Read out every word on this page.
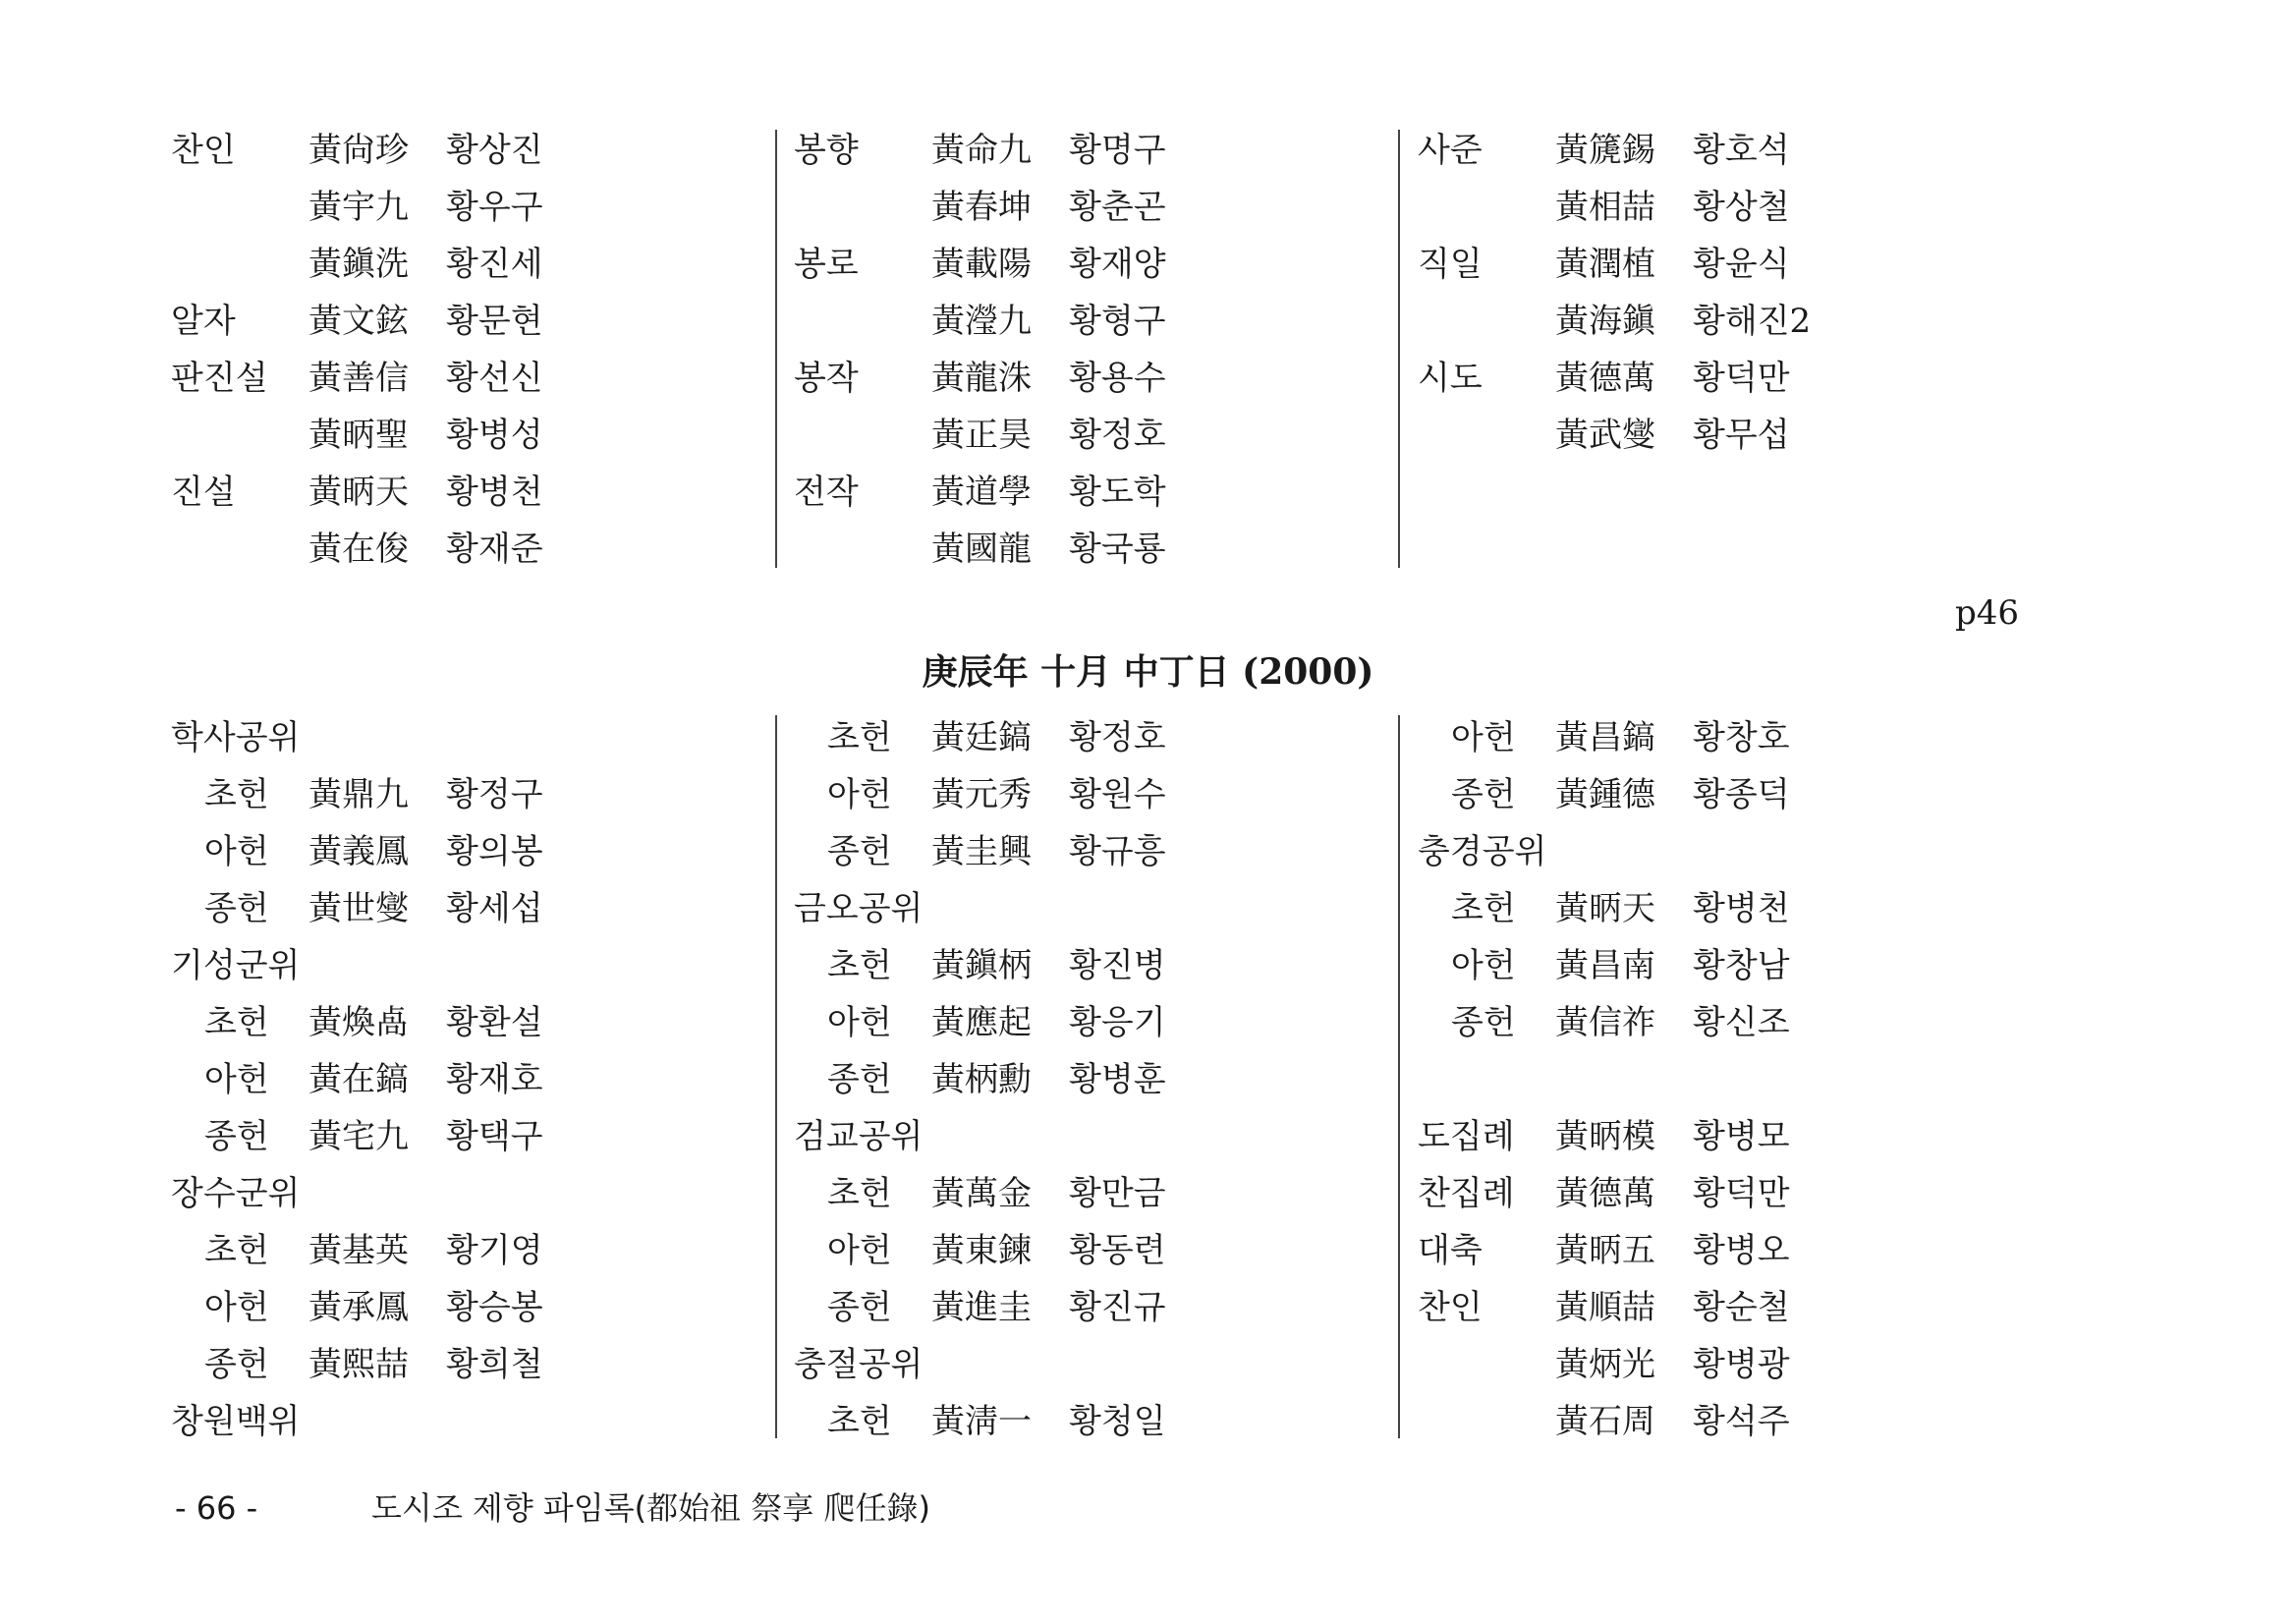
찬인 黃尙珍 황상진
黃宇九 황우구
黃鎭洗 황진세
알자 黃文鉉 황문현
판진설 黃善信 황선신
黃昞聖 황병성
진설 黃昞天 황병천
黃在俊 황재준
봉향 黃命九 황명구
黃春坤 황춘곤
봉로 黃載陽 황재양
黃瀅九 황형구
봉작 黃龍洙 황용수
黃正昊 황정호
전작 黃道學 황도학
黃國龍 황국룡
사준 黃篪錫 황호석
黃相喆 황상철
직일 黃潤植 황윤식
黃海鎭 황해진2
시도 黃德萬 황덕만
黃武燮 황무섭
p46
庚辰年 十月 中丁日 (2000)
학사공위
초헌 黃鼎九 황정구
아헌 黃義鳳 황의봉
종헌 黃世燮 황세섭
기성군위
초헌 黃煥卨 황환설
아헌 黃在鎬 황재호
종헌 黃宅九 황택구
장수군위
초헌 黃基英 황기영
아헌 黃承鳳 황승봉
종헌 黃熙喆 황희철
창원백위
초헌 黃廷鎬 황정호
아헌 黃元秀 황원수
종헌 黃圭興 황규흥
금오공위
초헌 黃鎭柄 황진병
아헌 黃應起 황응기
종헌 黃柄勳 황병훈
검교공위
초헌 黃萬金 황만금
아헌 黃東鍊 황동련
종헌 黃進圭 황진규
충절공위
초헌 黃淸一 황청일
아헌 黃昌鎬 황창호
종헌 黃鍾德 황종덕
충경공위
초헌 黃昞天 황병천
아헌 黃昌南 황창남
종헌 黃信祚 황신조
도집례 黃昞模 황병모
찬집례 黃德萬 황덕만
대축 黃昞五 황병오
찬인 黃順喆 황순철
黃炳光 황병광
黃石周 황석주
- 66 -	도시조 제향 파임록(都始祖 祭享 爬任錄)
